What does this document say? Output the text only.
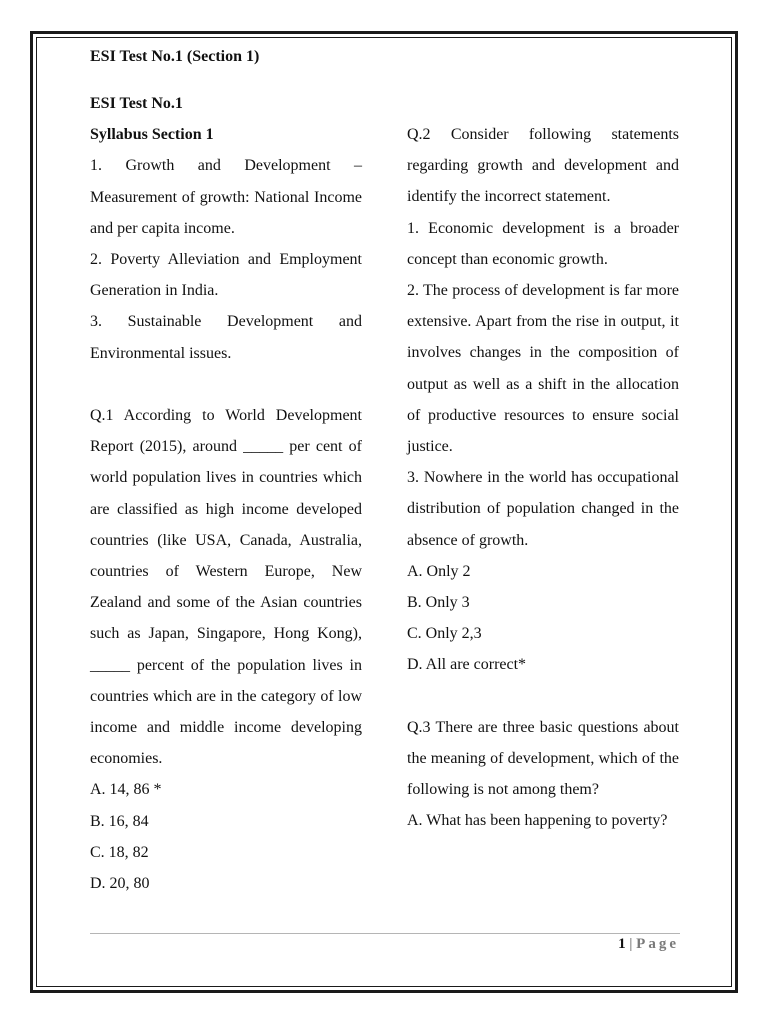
ESI Test No.1 (Section 1)

ESI Test No.1

Syllabus Section 1

1. Growth and Development – Measurement of growth: National Income and per capita income.

2. Poverty Alleviation and Employment Generation in India.

3. Sustainable Development and Environmental issues.

Q.1 According to World Development Report (2015), around _____ per cent of world population lives in countries which are classified as high income developed countries (like USA, Canada, Australia, countries of Western Europe, New Zealand and some of the Asian countries such as Japan, Singapore, Hong Kong), _____ percent of the population lives in countries which are in the category of low income and middle income developing economies.

A. 14, 86 *

B. 16, 84

C. 18, 82

D. 20, 80

Q.2 Consider following statements regarding growth and development and identify the incorrect statement.

1. Economic development is a broader concept than economic growth.

2. The process of development is far more extensive. Apart from the rise in output, it involves changes in the composition of output as well as a shift in the allocation of productive resources to ensure social justice.

3. Nowhere in the world has occupational distribution of population changed in the absence of growth.

A. Only 2

B. Only 3

C. Only 2,3

D. All are correct*

Q.3 There are three basic questions about the meaning of development, which of the following is not among them?

A. What has been happening to poverty?

1 | Page
